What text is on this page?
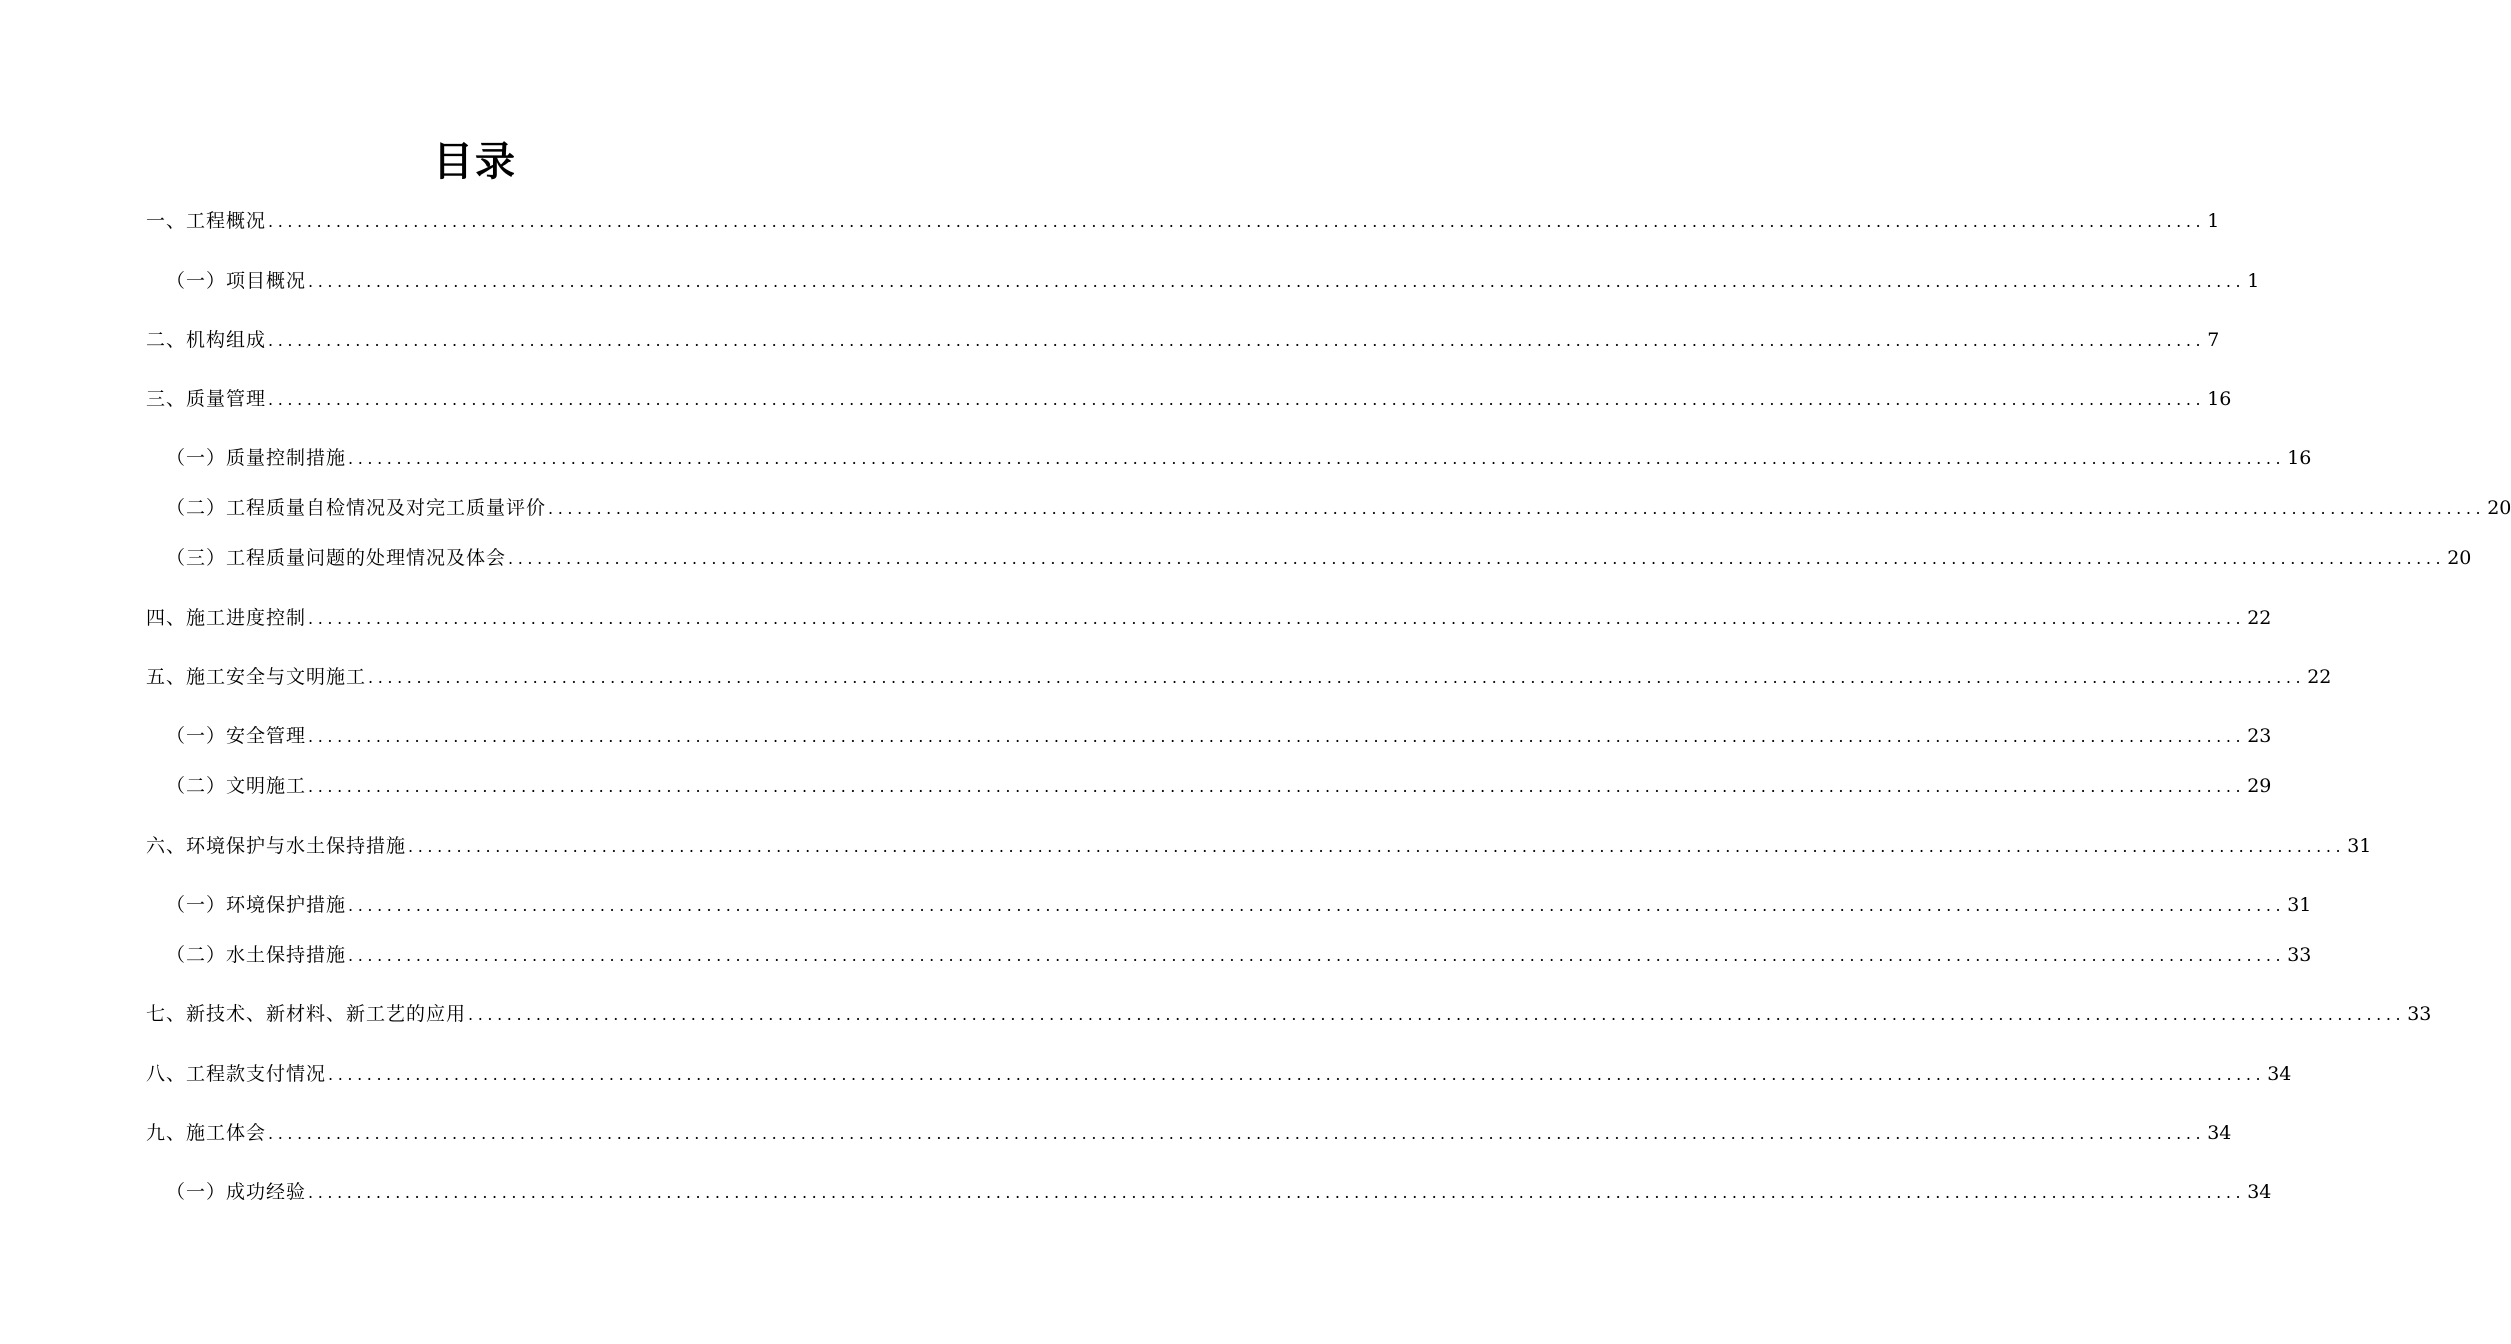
目录
一、工程概况 ........................................................................................................................................................................................................ 1
（一）项目概况 ........................................................................................................................................................................................................ 1
二、机构组成 ........................................................................................................................................................................................................ 7
三、质量管理 ........................................................................................................................................................................................................ 16
（一）质量控制措施 ........................................................................................................................................................................................................ 16
（二）工程质量自检情况及对完工质量评价 ........................................................................................................................................................................................................ 20
（三）工程质量问题的处理情况及体会 ........................................................................................................................................................................................................ 20
四、施工进度控制 ........................................................................................................................................................................................................ 22
五、施工安全与文明施工 ........................................................................................................................................................................................................ 22
（一）安全管理 ........................................................................................................................................................................................................ 23
（二）文明施工 ........................................................................................................................................................................................................ 29
六、环境保护与水土保持措施 ........................................................................................................................................................................................................ 31
（一）环境保护措施 ........................................................................................................................................................................................................ 31
（二）水土保持措施 ........................................................................................................................................................................................................ 33
七、新技术、新材料、新工艺的应用 ........................................................................................................................................................................................................ 33
八、工程款支付情况 ........................................................................................................................................................................................................ 34
九、施工体会 ........................................................................................................................................................................................................ 34
（一）成功经验 ........................................................................................................................................................................................................ 34
